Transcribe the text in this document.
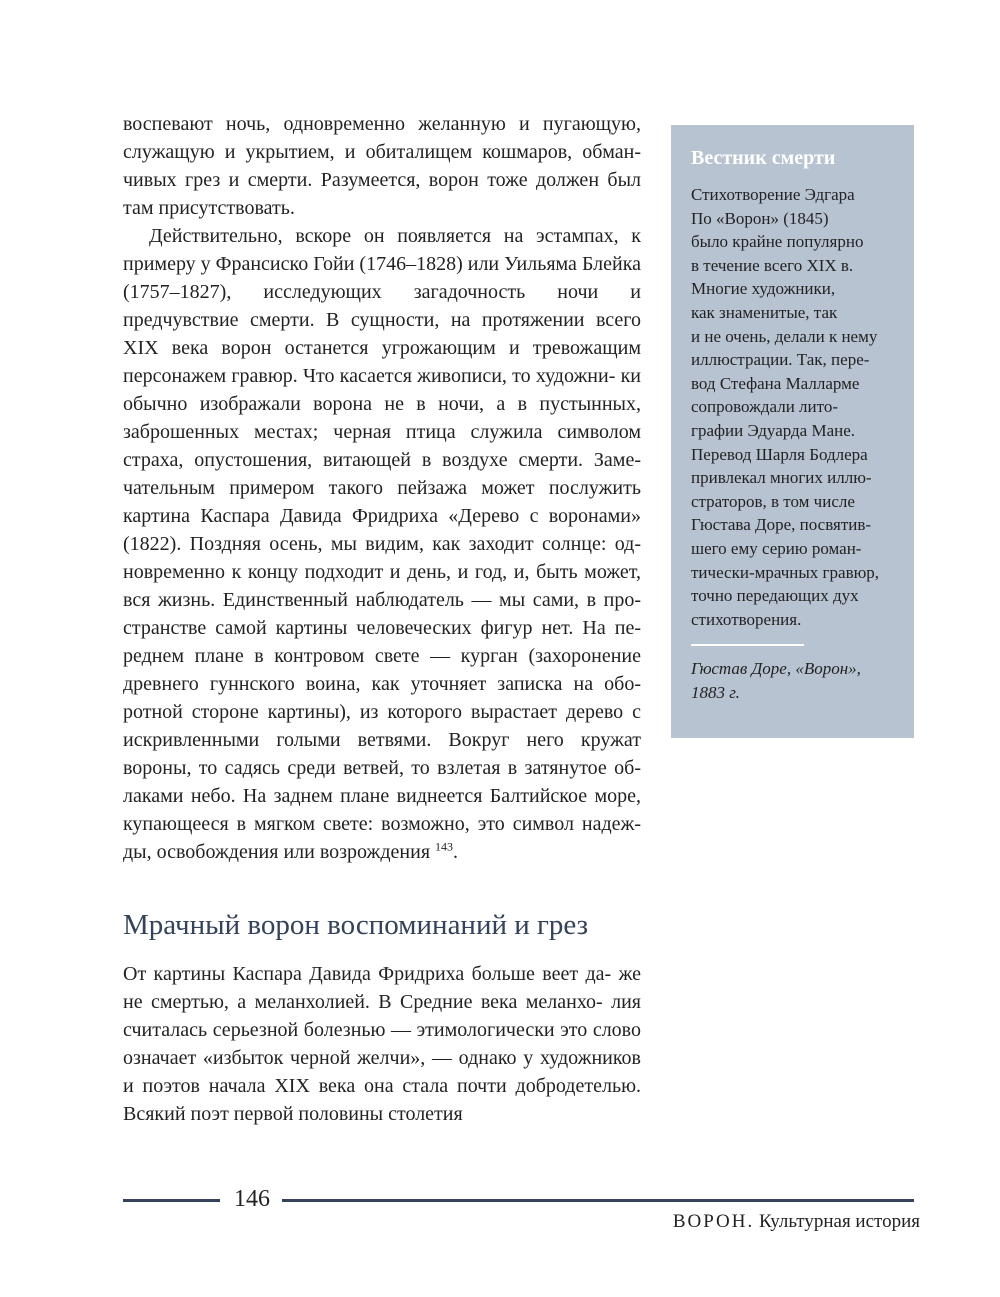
воспевают ночь, одновременно желанную и пугающую, служащую и укрытием, и обиталищем кошмаров, обман- чивых грез и смерти. Разумеется, ворон тоже должен был там присутствовать.

Действительно, вскоре он появляется на эстампах, к примеру у Франсиско Гойи (1746–1828) или Уильяма Блейка (1757–1827), исследующих загадочность ночи и предчувствие смерти. В сущности, на протяжении всего XIX века ворон останется угрожающим и тревожащим персонажем гравюр. Что касается живописи, то художни- ки обычно изображали ворона не в ночи, а в пустынных, заброшенных местах; черная птица служила символом страха, опустошения, витающей в воздухе смерти. Заме- чательным примером такого пейзажа может послужить картина Каспара Давида Фридриха «Дерево с воронами» (1822). Поздняя осень, мы видим, как заходит солнце: од- новременно к концу подходит и день, и год, и, быть может, вся жизнь. Единственный наблюдатель — мы сами, в про- странстве самой картины человеческих фигур нет. На пе- реднем плане в контровом свете — курган (захоронение древнего гуннского воина, как уточняет записка на обо- ротной стороне картины), из которого вырастает дерево с искривленными голыми ветвями. Вокруг него кружат вороны, то садясь среди ветвей, то взлетая в затянутое об- лаками небо. На заднем плане виднеется Балтийское море, купающееся в мягком свете: возможно, это символ надеж- ды, освобождения или возрождения $^{143}$.

Мрачный ворон воспоминаний и грез

От картины Каспара Давида Фридриха больше веет да- же не смертью, а меланхолией. В Средние века меланхо- лия считалась серьезной болезнью — этимологически это слово означает «избыток черной желчи», — однако у художников и поэтов начала XIX века она стала почти добродетелью. Всякий поэт первой половины столетия

Вестник смерти

Стихотворение Эдгара
По «Ворон» (1845)
было крайне популярно
в течение всего XIX в.
Многие художники,
как знаменитые, так
и не очень, делали к нему
иллюстрации. Так, пере-
вод Стефана Малларме
сопровождали лито-
графии Эдуарда Мане.
Перевод Шарля Бодлера
привлекал многих иллю-
страторов, в том числе
Гюстава Доре, посвятив-
шего ему серию роман-
тически-мрачных гравюр,
точно передающих дух
стихотворения.

Гюстав Доре, «Ворон»,
1883 г.

146
ВОРОН. Культурная история
